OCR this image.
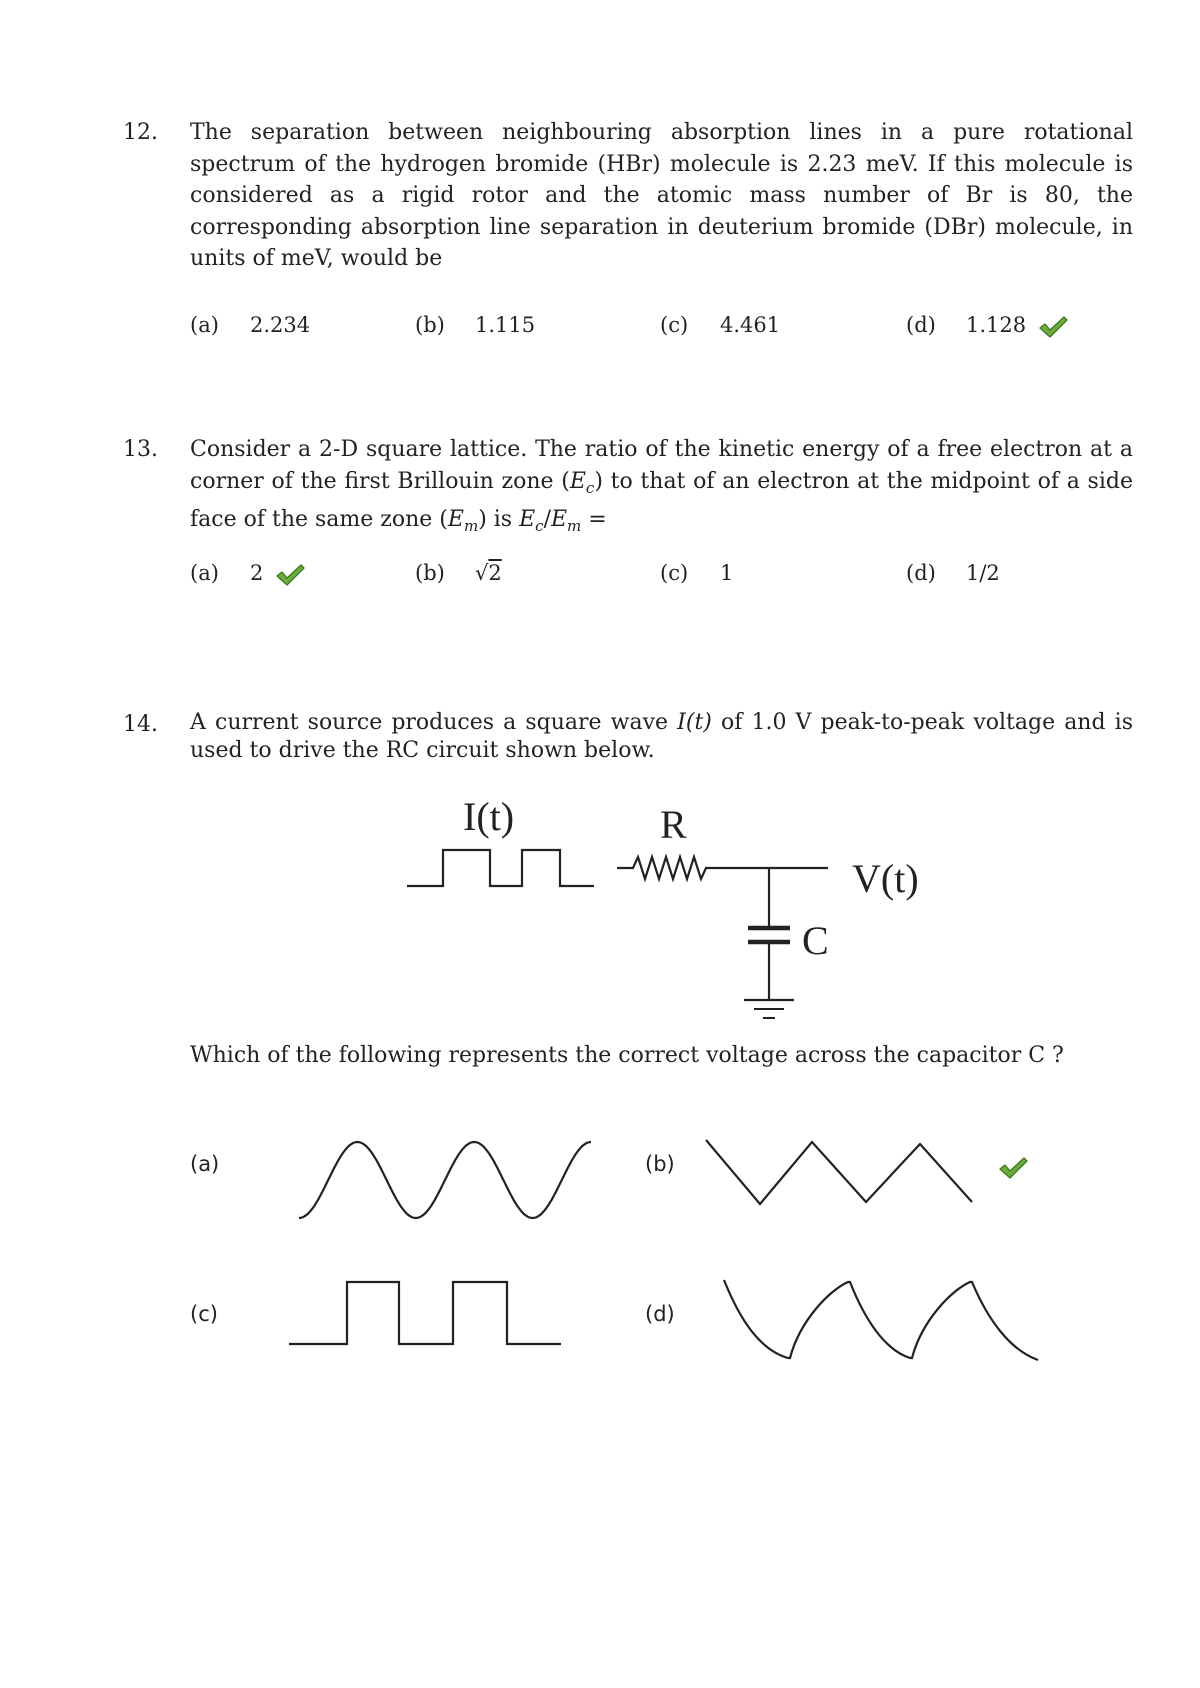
12. The separation between neighbouring absorption lines in a pure rotational spectrum of the hydrogen bromide (HBr) molecule is 2.23 meV. If this molecule is considered as a rigid rotor and the atomic mass number of Br is 80, the corresponding absorption line separation in deuterium bromide (DBr) molecule, in units of meV, would be
(a) 2.234	(b) 1.115	(c) 4.461	(d) 1.128
13. Consider a 2-D square lattice. The ratio of the kinetic energy of a free electron at a corner of the first Brillouin zone $(E_c)$ to that of an electron at the midpoint of a side face of the same zone $(E_m)$ is $E_c/E_m$ =
(a) 2	(b) √2	(c) 1	(d) 1/2
14. A current source produces a square wave I(t) of 1.0 V peak-to-peak voltage and is used to drive the RC circuit shown below.
I(t)	R
V(t)
C
Which of the following represents the correct voltage across the capacitor C ?
(a)	(b)
(c)	(d)
